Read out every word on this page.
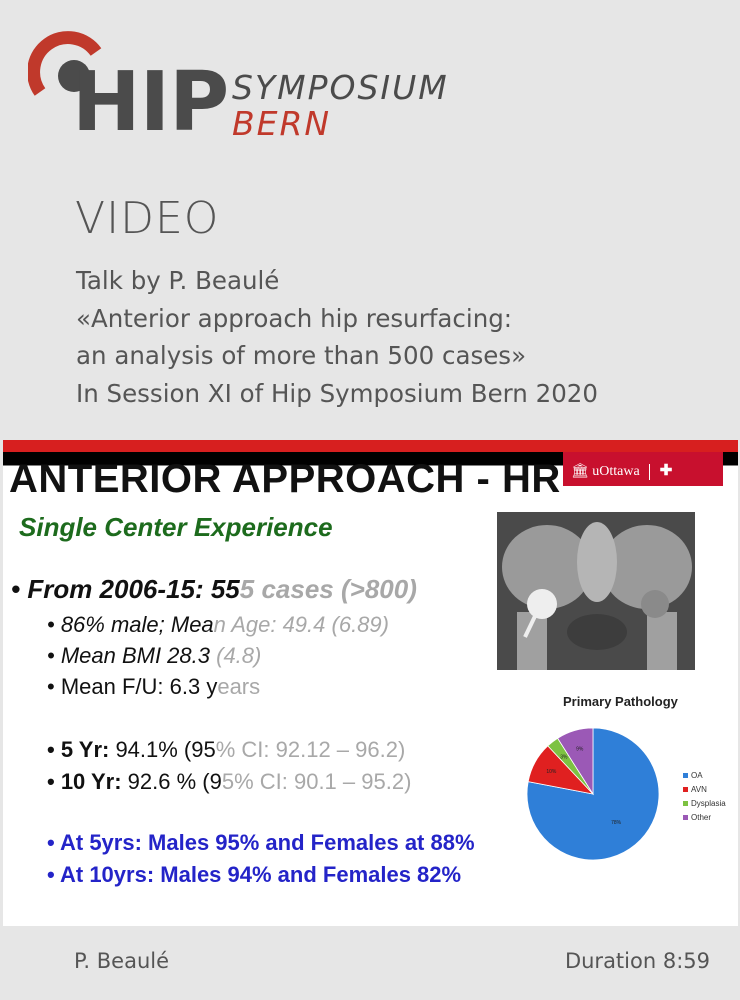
HIP SYMPOSIUM
BERN
VIDEO
Talk by P. Beaulé
«Anterior approach hip resurfacing:
an analysis of more than 500 cases»
In Session XI of Hip Symposium Bern 2020
ANTERIOR APPROACH - HR 🏛 uOttawa ✚
Single Center Experience
• From 2006-15: 555 cases (>800)
• 86% male; Mean Age: 49.4 (6.89)
• Mean BMI 28.3 (4.8)
• Mean F/U: 6.3 years
• 5 Yr: 94.1% (95% CI: 92.12 – 96.2)
• 10 Yr: 92.6 % (95% CI: 90.1 – 95.2)
• At 5yrs: Males 95% and Females at 88%
• At 10yrs: Males 94% and Females 82%
Primary Pathology
78%
10%
3%
9%
OA
AVN
Dysplasia
Other
P. Beaulé	Duration 8:59
